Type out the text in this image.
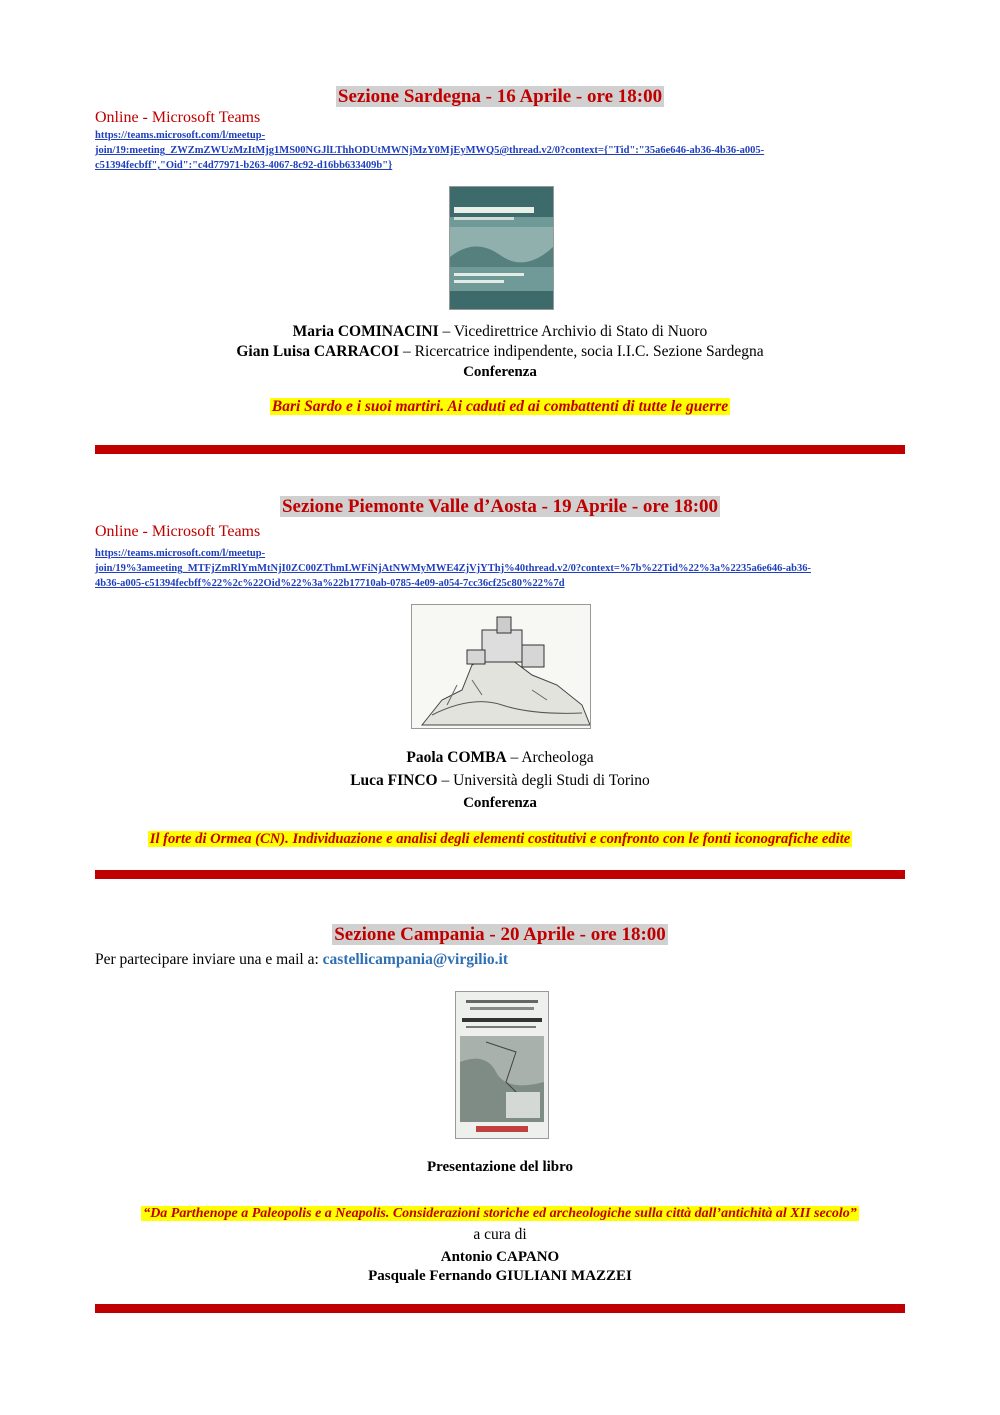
Sezione Sardegna - 16 Aprile - ore 18:00
Online - Microsoft Teams
https://teams.microsoft.com/l/meetup-
join/19:meeting_ZWZmZWUzMzItMjg1MS00NGJlLThhODUtMWNjMzY0MjEyMWQ5@thread.v2/0?context={"Tid":"35a6e646-ab36-4b36-a005-
c51394fecbff","Oid":"c4d77971-b263-4067-8c92-d16bb633409b"}
Maria COMINACINI – Vicedirettrice Archivio di Stato di Nuoro
Gian Luisa CARRACOI – Ricercatrice indipendente, socia I.I.C. Sezione Sardegna
Conferenza
Bari Sardo e i suoi martiri. Ai caduti ed ai combattenti di tutte le guerre
Sezione Piemonte Valle d’Aosta - 19 Aprile - ore 18:00
Online - Microsoft Teams
https://teams.microsoft.com/l/meetup-
join/19%3ameeting_MTFjZmRlYmMtNjI0ZC00ZThmLWFiNjAtNWMyMWE4ZjVjYThj%40thread.v2/0?context=%7b%22Tid%22%3a%2235a6e646-ab36-
4b36-a005-c51394fecbff%22%2c%22Oid%22%3a%22b17710ab-0785-4e09-a054-7cc36cf25c80%22%7d
Paola COMBA – Archeologa
Luca FINCO – Università degli Studi di Torino
Conferenza
Il forte di Ormea (CN). Individuazione e analisi degli elementi costitutivi e confronto con le fonti iconografiche edite
Sezione Campania - 20 Aprile - ore 18:00
Per partecipare inviare una e mail a: castellicampania@virgilio.it
Presentazione del libro
“Da Parthenope a Paleopolis e a Neapolis. Considerazioni storiche ed archeologiche sulla città dall’antichità al XII secolo”
a cura di
Antonio CAPANO
Pasquale Fernando GIULIANI MAZZEI
